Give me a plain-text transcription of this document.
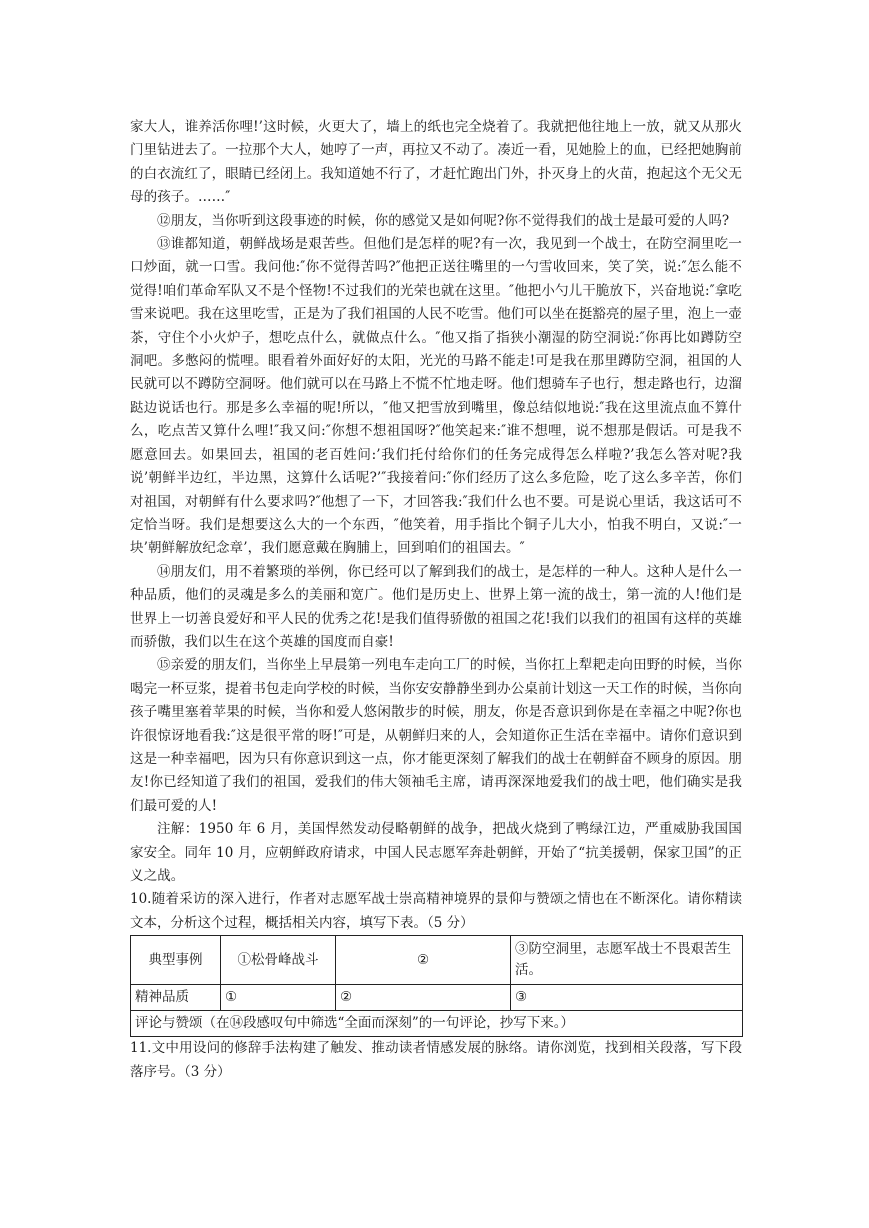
家大人，谁养活你哩!’这时候，火更大了，墙上的纸也完全烧着了。我就把他往地上一放，就又从那火门里钻进去了。一拉那个大人，她哼了一声，再拉又不动了。凑近一看，见她脸上的血，已经把她胸前的白衣流红了，眼睛已经闭上。我知道她不行了，才赶忙跑出门外，扑灭身上的火苗，抱起这个无父无母的孩子。……″

⑫朋友，当你听到这段事迹的时候，你的感觉又是如何呢?你不觉得我们的战士是最可爱的人吗?

⑬谁都知道，朝鲜战场是艰苦些。但他们是怎样的呢?有一次，我见到一个战士，在防空洞里吃一口炒面，就一口雪。我问他:″你不觉得苦吗?″他把正送往嘴里的一勺雪收回来，笑了笑，说:″怎么能不觉得!咱们革命军队又不是个怪物!不过我们的光荣也就在这里。″他把小勺儿干脆放下，兴奋地说:″拿吃雪来说吧。我在这里吃雪，正是为了我们祖国的人民不吃雪。他们可以坐在挺豁亮的屋子里，泡上一壶茶，守住个小火炉子，想吃点什么，就做点什么。″他又指了指狭小潮湿的防空洞说:″你再比如蹲防空洞吧。多憋闷的慌哩。眼看着外面好好的太阳，光光的马路不能走!可是我在那里蹲防空洞，祖国的人民就可以不蹲防空洞呀。他们就可以在马路上不慌不忙地走呀。他们想骑车子也行，想走路也行，边溜跶边说话也行。那是多么幸福的呢!所以，″他又把雪放到嘴里，像总结似地说:″我在这里流点血不算什么，吃点苦又算什么哩!″我又问:″你想不想祖国呀?″他笑起来:″谁不想哩，说不想那是假话。可是我不愿意回去。如果回去，祖国的老百姓问:’我们托付给你们的任务完成得怎么样啦?’我怎么答对呢?我说’朝鲜半边红，半边黑，这算什么话呢?’″我接着问:″你们经历了这么多危险，吃了这么多辛苦，你们对祖国，对朝鲜有什么要求吗?″他想了一下，才回答我:″我们什么也不要。可是说心里话，我这话可不定恰当呀。我们是想要这么大的一个东西，″他笑着，用手指比个铜子儿大小，怕我不明白，又说:″一块’朝鲜解放纪念章’，我们愿意戴在胸脯上，回到咱们的祖国去。″

⑭朋友们，用不着繁琐的举例，你已经可以了解到我们的战士，是怎样的一种人。这种人是什么一种品质，他们的灵魂是多么的美丽和宽广。他们是历史上、世界上第一流的战士，第一流的人!他们是世界上一切善良爱好和平人民的优秀之花!是我们值得骄傲的祖国之花!我们以我们的祖国有这样的英雄而骄傲，我们以生在这个英雄的国度而自豪!

⑮亲爱的朋友们，当你坐上早晨第一列电车走向工厂的时候，当你扛上犁耙走向田野的时候，当你喝完一杯豆浆，提着书包走向学校的时候，当你安安静静坐到办公桌前计划这一天工作的时候，当你向孩子嘴里塞着苹果的时候，当你和爱人悠闲散步的时候，朋友，你是否意识到你是在幸福之中呢?你也许很惊讶地看我:″这是很平常的呀!″可是，从朝鲜归来的人，会知道你正生活在幸福中。请你们意识到这是一种幸福吧，因为只有你意识到这一点，你才能更深刻了解我们的战士在朝鲜奋不顾身的原因。朋友!你已经知道了我们的祖国，爱我们的伟大领袖毛主席，请再深深地爱我们的战士吧，他们确实是我们最可爱的人!

注解：1950 年 6 月，美国悍然发动侵略朝鲜的战争，把战火烧到了鸭绿江边，严重威胁我国国家安全。同年 10 月，应朝鲜政府请求，中国人民志愿军奔赴朝鲜，开始了“抗美援朝，保家卫国”的正义之战。

10.随着采访的深入进行，作者对志愿军战士崇高精神境界的景仰与赞颂之情也在不断深化。请你精读文本，分析这个过程，概括相关内容，填写下表。（5 分）

典型事例	①松骨峰战斗	②	③防空洞里，志愿军战士不畏艰苦生活。
精神品质	①	②	③
评论与赞颂（在⑭段感叹句中筛选“全面而深刻”的一句评论，抄写下来。）			

11.文中用设问的修辞手法构建了触发、推动读者情感发展的脉络。请你浏览，找到相关段落，写下段落序号。（3 分）
